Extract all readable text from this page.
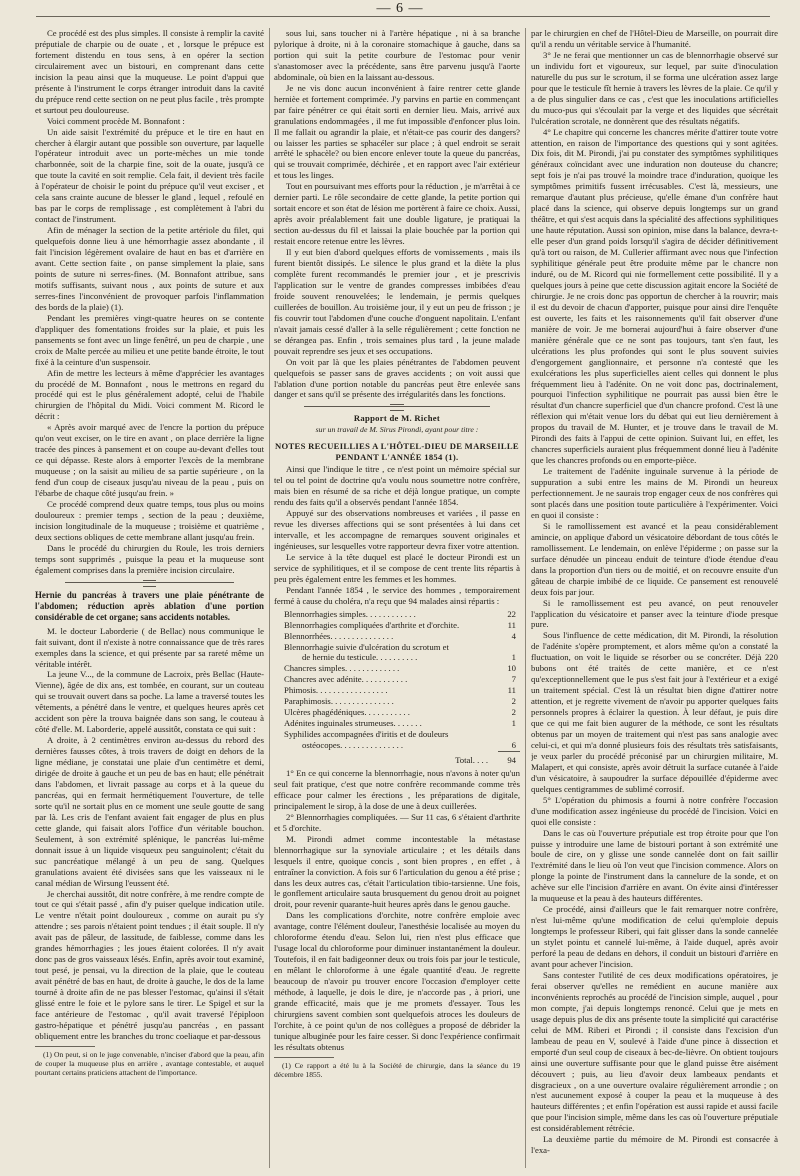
— 6 —

Ce procédé est des plus simples. Il consiste à remplir la cavité préputiale de charpie ou de ouate , et , lorsque le prépuce est fortement distendu en tous sens, à en opérer la section circulairement avec un bistouri, en comprenant dans cette incision la peau ainsi que la muqueuse. Le point d'appui que présente à l'instrument le corps étranger introduit dans la cavité du prépuce rend cette section on ne peut plus facile , très prompte et surtout peu douloureuse.

Voici comment procède M. Bonnafont :

Un aide saisit l'extrémité du prépuce et le tire en haut en chercher à élargir autant que possible son ouverture, par laquelle l'opérateur introduit avec un porte-mèches un mie tonde charbonnée, soit de la charpie fine, soit de la ouate, jusqu'à ce que toute la cavité en soit remplie. Cela fait, il devient très facile à l'opérateur de choisir le point du prépuce qu'il veut exciser , et cela sans crainte aucune de blesser le gland , lequel , refoulé en bas par le corps de remplissage , est complètement à l'abri du contact de l'instrument.

Afin de ménager la section de la petite artériole du filet, qui quelquefois donne lieu à une hémorrhagie assez abondante , il fait l'incision légèrement ovalaire de haut en bas et d'arrière en avant. Cette section faite , on panse simplement la plaie, sans points de suture ni serres-fines. (M. Bonnafont attribue, sans motifs suffisants, suivant nous , aux points de suture et aux serres-fines l'inconvénient de provoquer parfois l'inflammation des bords de la plaie) (1).

Pendant les premières vingt-quatre heures on se contente d'appliquer des fomentations froides sur la plaie, et puis les pansements se font avec un linge fenêtré, un peu de charpie , une croix de Malte percée au milieu et une petite bande étroite, le tout fixé à la ceinture d'un suspensoir.

Afin de mettre les lecteurs à même d'apprécier les avantages du procédé de M. Bonnafont , nous le mettrons en regard du procédé qui est le plus généralement adopté, celui de l'habile chirurgien de l'hôpital du Midi. Voici comment M. Ricord le décrit :

« Après avoir marqué avec de l'encre la portion du prépuce qu'on veut exciser, on le tire en avant , on place derrière la ligne tracée des pinces à pansement et on coupe au-devant d'elles tout ce qui dépasse. Reste alors à emporter l'excès de la membrane muqueuse ; on la saisit au milieu de sa partie supérieure , on la fend d'un coup de ciseaux jusqu'au niveau de la peau , puis on l'ébarbe de chaque côté jusqu'au frein. »

Ce procédé comprend deux quatre temps, tous plus ou moins douloureux : premier temps , section de la peau ; deuxième, incision longitudinale de la muqueuse ; troisième et quatrième , deux sections obliques de cette membrane allant jusqu'au frein.

Dans le procédé du chirurgien du Roule, les trois derniers temps sont supprimés , puisque la peau et la muqueuse sont également comprises dans la première incision circulaire.

Hernie du pancréas à travers une plaie pénétrante de l'abdomen; réduction après ablation d'une portion considérable de cet organe; sans accidents notables.

M. le docteur Laborderie ( de Bellac) nous communique le fait suivant, dont il n'existe à notre connaissance que de très rares exemples dans la science, et qui présente par sa rareté même un véritable intérêt.

La jeune V..., de la commune de Lacroix, près Bellac (Haute-Vienne), âgée de dix ans, est tombée, en courant, sur un couteau qui se trouvait ouvert dans sa poche. La lame a traversé toutes les vêtements, a pénétré dans le ventre, et quelques heures après cet accident son père la trouva baignée dans son sang, le couteau à côté d'elle. M. Laborderie, appelé aussitôt, constata ce qui suit :

A droite, à 2 centimètres environ au-dessus du rebord des dernières fausses côtes, à trois travers de doigt en dehors de la ligne médiane, je constatai une plaie d'un centimètre et demi, dirigée de droite à gauche et un peu de bas en haut; elle pénétrait dans l'abdomen, et livrait passage au corps et à la queue du pancréas, qui en fermait hermétiquement l'ouverture, de telle sorte qu'il ne sortait plus en ce moment une seule goutte de sang par là. Les cris de l'enfant avaient fait engager de plus en plus cette glande, qui faisait alors l'office d'un véritable bouchon. Seulement, à son extrémité splénique, le pancréas lui-même donnait issue à un liquide visqueux peu sanguinolent; c'était du suc pancréatique mélangé à un peu de sang. Quelques granulations avaient été divisées sans que les vaisseaux ni le canal médian de Wirsung l'eussent été.

Je cherchai aussitôt, dit notre confrère, à me rendre compte de tout ce qui s'était passé , afin d'y puiser quelque indication utile. Le ventre n'était point douloureux , comme on aurait pu s'y attendre ; ses parois n'étaient point tendues ; il était souple. Il n'y avait pas de pâleur, de lassitude, de faiblesse, comme dans les grandes hémorrhagies ; les joues étaient colorées. Il n'y avait donc pas de gros vaisseaux lésés. Enfin, après avoir tout examiné, tout pesé, je pensai, vu la direction de la plaie, que le couteau avait pénétré de bas en haut, de droite à gauche, le dos de la lame tourné à droite afin de ne pas blesser l'estomac, qu'ainsi il s'était glissé entre le foie et le pylore sans le tirer. Le Spigel et sur la face antérieure de l'estomac , qu'il avait traversé l'épiploon gastro-hépatique et pénétré jusqu'au pancréas , en passant obliquement entre les branches du tronc coeliaque et par-dessous

(1) On peut, si on le juge convenable, n'inciser d'abord que la peau, afin de couper la muqueuse plus en arrière , avantage contestable, et auquel pourtant certains praticiens attachent de l'importance.

sous lui, sans toucher ni à l'artère hépatique , ni à sa branche pylorique à droite, ni à la coronaire stomachique à gauche, dans sa portion qui suit la petite courbure de l'estomac pour venir s'anastomoser avec la précédente, sans être parvenu jusqu'à l'aorte abdominale, où bien en la laissant au-dessous.

Je ne vis donc aucun inconvénient à faire rentrer cette glande hernièe et fortement comprimée. J'y parvins en partie en commençant par faire pénétrer ce qui était sorti en dernier lieu. Mais, arrivé aux granulations endommagées , il me fut impossible d'enfoncer plus loin. Il me fallait ou agrandir la plaie, et n'était-ce pas courir des dangers? ou laisser les parties se sphacéler sur place ; à quel endroit se serait arrêté le sphacèle? ou bien encore enlever toute la queue du pancréas, qui se trouvait comprimée, déchirée , et en rapport avec l'air extérieur et tous les linges.

Tout en poursuivant mes efforts pour la réduction , je m'arrêtai à ce dernier parti. Le rôle secondaire de cette glande, la petite portion qui sortait encore et son état de lésion me portèrent à faire ce choix. Aussi, après avoir préalablement fait une double ligature, je pratiquai la section au-dessus du fil et laissai la plaie bouchée par la portion qui restait encore retenue entre les lèvres.

Il y eut bien d'abord quelques efforts de vomissements , mais ils furent bientôt dissipés. Le silence le plus grand et la diète la plus complète furent recommandés le premier jour , et je prescrivis l'application sur le ventre de grandes compresses imbibées d'eau froide souvent renouvelées; le lendemain, je permis quelques cuillerées de bouillon. Au troisième jour, il y eut un peu de frisson ; je fis couvrir tout l'abdomen d'une couche d'onguent napolitain. L'enfant n'avait jamais cessé d'aller à la selle régulièrement ; cette fonction ne se dérangea pas. Enfin , trois semaines plus tard , la jeune malade pouvait reprendre ses jeux et ses occupations.

On voit par là que les plaies pénétrantes de l'abdomen peuvent quelquefois se passer sans de graves accidents ; on voit aussi que l'ablation d'une portion notable du pancréas peut être enlevée sans danger et sans qu'il se présente des irrégularités dans les fonctions.

Rapport de M. Richet
sur un travail de M. Sirus Pirondi, ayant pour titre :
NOTES RECUEILLIES A L'HÔTEL-DIEU DE MARSEILLE PENDANT L'ANNÉE 1854 (1).

Ainsi que l'indique le titre , ce n'est point un mémoire spécial sur tel ou tel point de doctrine qu'a voulu nous soumettre notre confrère, mais bien en résumé de sa riche et déjà longue pratique, un compte rendu des faits qu'il a observés pendant l'année 1854.

Appuyé sur des observations nombreuses et variées , il passe en revue les diverses affections qui se sont présentées à lui dans cet intervalle, et les accompagne de remarques souvent originales et ingénieuses, sur lesquelles votre rapporteur devra fixer votre attention.

Le service à la tête duquel est placé le docteur Pirondi est un service de syphilitiques, et il se compose de cent trente lits répartis à peu près également entre les femmes et les hommes.

Pendant l'année 1854 , le service des hommes , temporairement fermé à cause du choléra, n'a reçu que 94 malades ainsi répartis :

Blennorrhagies simples. . . . . . . . . . . .	22
Blennorrhagies compliquées d'arthrite et d'orchite.	11
Blennorrhées. . . . . . . . . . . . . . .	4
Blennorrhagie suivie d'ulcération du scrotum et	
de hernie du testicule. . . . . . . . . .	1
Chancres simples. . . . . . . . . . . . .	10
Chancres avec adénite. . . . . . . . . . .	7
Phimosis. . . . . . . . . . . . . . . . .	11
Paraphimosis. . . . . . . . . . . . . . .	2
Ulcères phagédéniques. . . . . . . . . . .	2
Adénites inguinales strumeuses. . . . . . .	1
Syphilides accompagnées d'iritis et de douleurs	
ostéocopes. . . . . . . . . . . . . . .	6
Total. . . .	94

1° En ce qui concerne la blennorrhagie, nous n'avons à noter qu'un seul fait pratique, c'est que notre confrère recommande comme très efficace pour calmer les érections , les préparations de digitale, principalement le sirop, à la dose de une à deux cuillerées.

2° Blennorrhagies compliquées. — Sur 11 cas, 6 s'étaient d'arthrite et 5 d'orchite.

M. Pirondi admet comme incontestable la métastase blennorrhagique sur la synoviale articulaire ; et les détails dans lesquels il entre, quoique concis , sont bien propres , en effet , à entraîner la conviction. A fois sur 6 l'articulation du genou a été prise ; dans les deux autres cas, c'était l'articulation tibio-tarsienne. Une fois, le gonflement articulaire sauta brusquement du genou droit au poignet droit, pour revenir quarante-huit heures après dans le genou gauche.

Dans les complications d'orchite, notre confrère emploie avec avantage, contre l'élément douleur, l'anesthésie localisée au moyen du chloroforme étendu d'eau. Selon lui, rien n'est plus efficace que l'usage local du chloroforme pour diminuer instantanément la douleur. Toutefois, il en fait badigeonner deux ou trois fois par jour le testicule, en mêlant le chloroforme à une égale quantité d'eau. Je regrette beaucoup de n'avoir pu trouver encore l'occasion d'employer cette méthode, à laquelle, je dois le dire, je n'accorde pas , à priori, une grande efficacité, mais que je me promets d'essayer. Tous les chirurgiens savent combien sont quelquefois atroces les douleurs de l'orchite, à ce point qu'un de nos collègues a proposé de débrider la tunique albuginée pour les faire cesser. Si donc l'expérience confirmait les résultats obtenus

(1) Ce rapport a été lu à la Société de chirurgie, dans la séance du 19 décembre 1855.

par le chirurgien en chef de l'Hôtel-Dieu de Marseille, on pourrait dire qu'il a rendu un véritable service à l'humanité.

3° Je ne ferai que mentionner un cas de blennorrhagie observé sur un individu fort et vigoureux, sur lequel, par suite d'inoculation naturelle du pus sur le scrotum, il se forma une ulcération assez large pour que le testicule fît hernie à travers les lèvres de la plaie. Ce qu'il y a de plus singulier dans ce cas , c'est que les inoculations artificielles du muco-pus qui s'écoulait par la verge et des liquides que sécrétait l'ulcération scrotale, ne donnèrent que des résultats négatifs.

4° Le chapitre qui concerne les chancres mérite d'attirer toute votre attention, en raison de l'importance des questions qui y sont agitées. Dix fois, dit M. Pirondi, j'ai pu constater des symptômes syphilitiques généraux coïncidant avec une induration non douteuse du chancre; sept fois je n'ai pas trouvé la moindre trace d'induration, quoique les symptômes primitifs fussent irrécusables. C'est là, messieurs, une remarque d'autant plus précieuse, qu'elle émane d'un confrère haut placé dans la science, qui observe depuis longtemps sur un grand théâtre, et qui s'est acquis dans la spécialité des affections syphilitiques une haute réputation. Aussi son opinion, mise dans la balance, devra-t-elle peser d'un grand poids lorsqu'il s'agira de décider définitivement qu'à tort ou raison, de M. Cullerier affirmant avec nous que l'infection syphilitique générale peut être produite même par le chancre non induré, ou de M. Ricord qui nie formellement cette possibilité. Il y a quelques jours à peine que cette discussion agitait encore la Société de chirurgie. Je ne crois donc pas opportun de chercher à la rouvrir; mais il est du devoir de chacun d'apporter, puisque pour ainsi dire l'enquête est ouverte, les faits et les raisonnements qu'il fait observer d'une manière de voir. Je me bornerai aujourd'hui à faire observer d'une manière générale que ce ne sont pas toujours, tant s'en faut, les ulcérations les plus profondes qui sont le plus souvent suivies d'engorgement ganglionnaire, et personne n'a contesté que les exulcérations les plus superficielles aient celles qui donnent le plus fréquemment lieu à l'adénite. On ne voit donc pas, doctrinalement, pourquoi l'infection syphilitique ne pourrait pas aussi bien être le résultat d'un chancre superficiel que d'un chancre profond. C'est là une réflexion qui m'était venue lors du débat qui eut lieu dernièrement à propos du travail de M. Hunter, et je trouve dans le travail de M. Pirondi des faits à l'appui de cette opinion. Suivant lui, en effet, les chancres superficiels auraient plus fréquemment donné lieu à l'adénite que les chancres profonds ou en emporte-pièce.

Le traitement de l'adénite inguinale survenue à la période de suppuration a subi entre les mains de M. Pirondi un heureux perfectionnement. Je ne saurais trop engager ceux de nos confrères qui sont placés dans une position toute particulière à l'expérimenter. Voici en quoi il consiste :

Si le ramollissement est avancé et la peau considérablement amincie, on applique d'abord un vésicatoire débordant de tous côtés le ramollissement. Le lendemain, on enlève l'épiderme ; on passe sur la surface dénudée un pinceau enduit de teinture d'iode étendue d'eau dans la proportion d'un tiers ou de moitié, et on recouvre ensuite d'un gâteau de charpie imbibé de ce liquide. Ce pansement est renouvelé deux fois par jour.

Si le ramollissement est peu avancé, on peut renouveler l'application du vésicatoire et panser avec la teinture d'iode presque pure.

Sous l'influence de cette médication, dit M. Pirondi, la résolution de l'adénite s'opère promptement, et alors même qu'on a constaté la fluctuation, on voit le liquide se résorber ou se concréter. Déjà 220 bubons ont été traités de cette manière, et ce n'est qu'exceptionnellement que le pus s'est fait jour à l'extérieur et a exigé un traitement spécial. C'est là un résultat bien digne d'attirer notre attention, et je regrette vivement de n'avoir pu apporter quelques faits personnels propres à éclairer la question. À leur défaut, je puis dire que ce qui me fait bien augurer de la méthode, ce sont les résultats obtenus par un moyen de traitement qui n'est pas sans analogie avec celui-ci, et qui m'a donné plusieurs fois des résultats très satisfaisants, je veux parler du procédé préconisé par un chirurgien militaire, M. Malapert, et qui consiste, après avoir détruit la surface cutanée à l'aide d'un vésicatoire, à saupoudrer la surface dépouillée d'épiderme avec quelques centigrammes de sublimé corrosif.

5° L'opération du phimosis a fourni à notre confrère l'occasion d'une modification assez ingénieuse du procédé de l'incision. Voici en quoi elle consiste :

Dans le cas où l'ouverture préputiale est trop étroite pour que l'on puisse y introduire une lame de bistouri portant à son extrémité une boule de cire, on y glisse une sonde cannelée dont on fait saillir l'extrémité dans le lieu où l'on veut que l'incision commence. Alors on plonge la pointe de l'instrument dans la cannelure de la sonde, et on achève sur elle l'incision d'arrière en avant. On évite ainsi d'intéresser la muqueuse et la peau à des hauteurs différentes.

Ce procédé, ainsi d'ailleurs que le fait remarquer notre confrère, n'est lui-même qu'une modification de celui qu'emploie depuis longtemps le professeur Riberi, qui fait glisser dans la sonde cannelée un stylet pointu et cannelé lui-même, à l'aide duquel, après avoir perforé la peau de dedans en dehors, il conduit un bistouri d'arrière en avant pour achever l'incision.

Sans contester l'utilité de ces deux modifications opératoires, je ferai observer qu'elles ne remédient en aucune manière aux inconvénients reprochés au procédé de l'incision simple, auquel , pour mon compte, j'ai depuis longtemps renoncé. Celui que je mets en usage depuis plus de dix ans présente toute la simplicité qui caractérise celui de MM. Riberi et Pirondi ; il consiste dans l'excision d'un lambeau de peau en V, soulevé à l'aide d'une pince à dissection et emporté d'un seul coup de ciseaux à bec-de-lièvre. On obtient toujours ainsi une ouverture suffisante pour que le gland puisse être aisément découvert ; puis, au lieu d'avoir deux lambeaux pendants et disgracieux , on a une ouverture ovalaire régulièrement arrondie ; on n'est aucunement exposé à couper la peau et la muqueuse à des hauteurs différentes ; et enfin l'opération est aussi rapide et aussi facile que pour l'incision simple, même dans les cas où l'ouverture préputiale est considérablement rétrécie.

La deuxième partie du mémoire de M. Pirondi est consacrée à l'exa-
